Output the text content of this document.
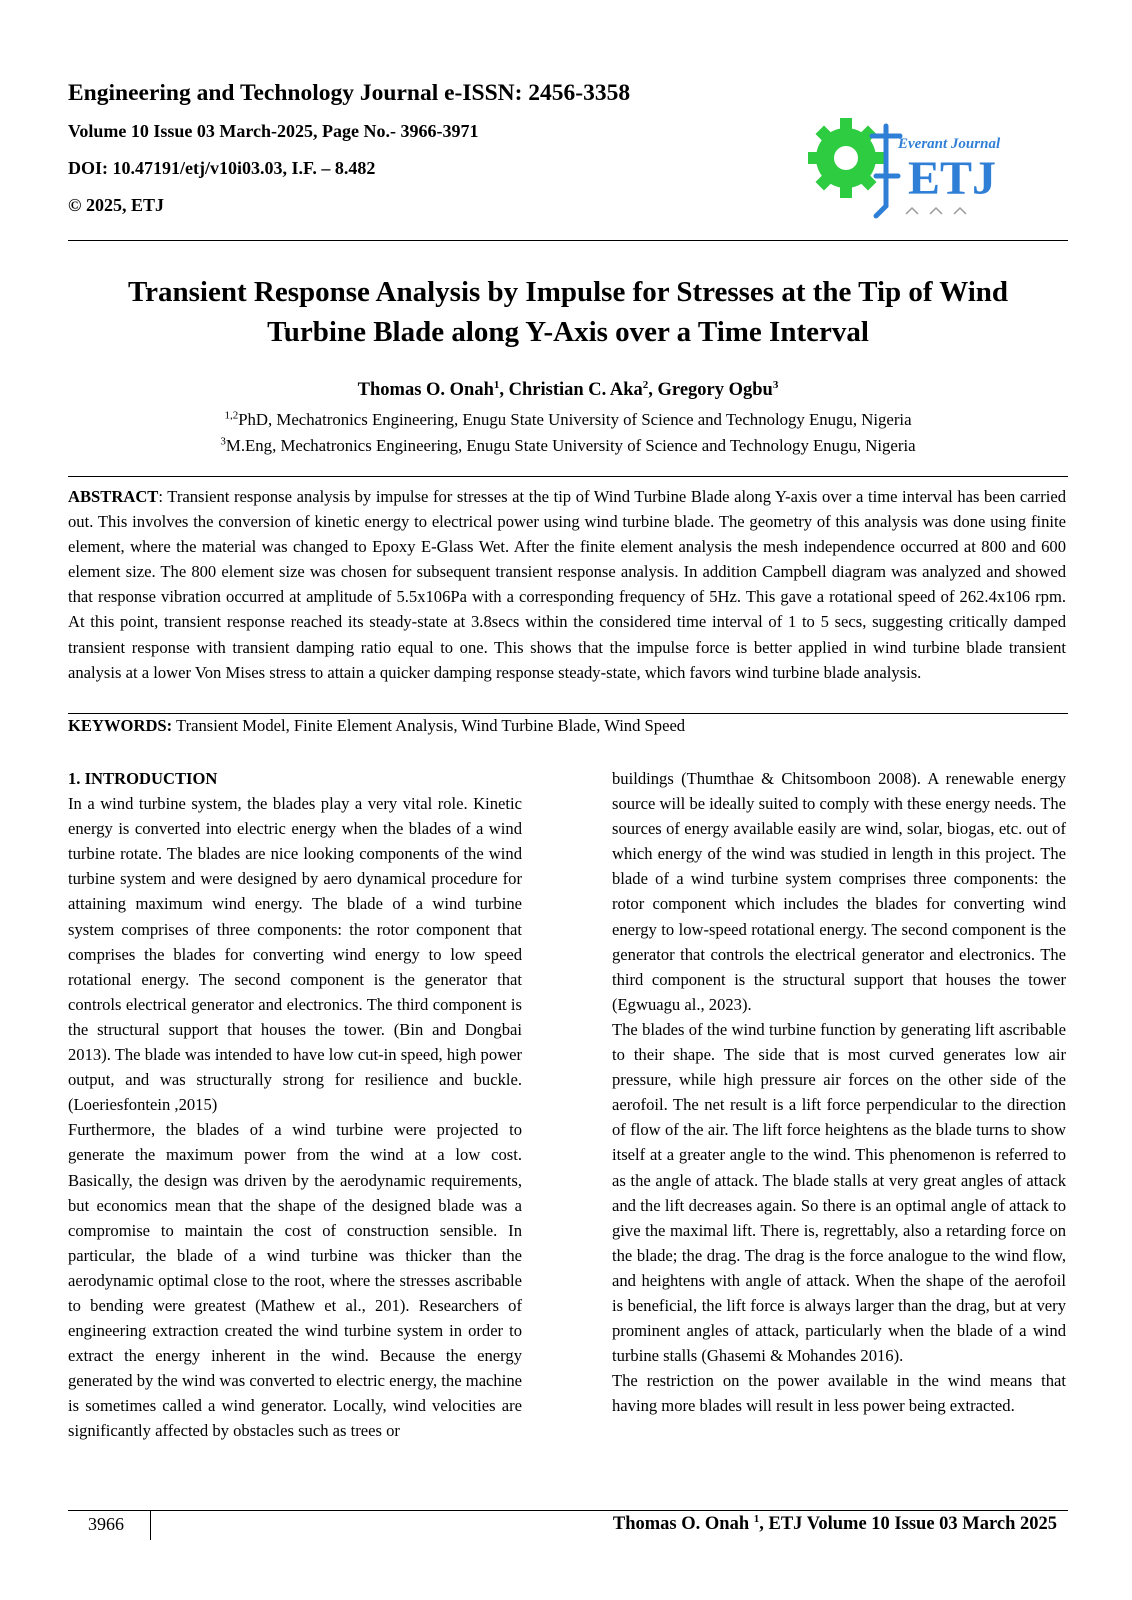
Engineering and Technology Journal e-ISSN: 2456-3358

Volume 10 Issue 03 March-2025, Page No.- 3966-3971

DOI: 10.47191/etj/v10i03.03, I.F. – 8.482

© 2025, ETJ

Everant Journal
ETJ
Transient Response Analysis by Impulse for Stresses at the Tip of Wind
Turbine Blade along Y-Axis over a Time Interval

Thomas O. Onah$^1$, Christian C. Aka$^2$, Gregory Ogbu$^3$

$^{1,2}$PhD, Mechatronics Engineering, Enugu State University of Science and Technology Enugu, Nigeria

$^3$M.Eng, Mechatronics Engineering, Enugu State University of Science and Technology Enugu, Nigeria

ABSTRACT: Transient response analysis by impulse for stresses at the tip of Wind Turbine Blade along Y-axis over a time interval has been carried out. This involves the conversion of kinetic energy to electrical power using wind turbine blade. The geometry of this analysis was done using finite element, where the material was changed to Epoxy E-Glass Wet. After the finite element analysis the mesh independence occurred at 800 and 600 element size. The 800 element size was chosen for subsequent transient response analysis. In addition Campbell diagram was analyzed and showed that response vibration occurred at amplitude of 5.5x106Pa with a corresponding frequency of 5Hz. This gave a rotational speed of 262.4x106 rpm. At this point, transient response reached its steady-state at 3.8secs within the considered time interval of 1 to 5 secs, suggesting critically damped transient response with transient damping ratio equal to one. This shows that the impulse force is better applied in wind turbine blade transient analysis at a lower Von Mises stress to attain a quicker damping response steady-state, which favors wind turbine blade analysis.

KEYWORDS: Transient Model, Finite Element Analysis, Wind Turbine Blade, Wind Speed

1. INTRODUCTION

In a wind turbine system, the blades play a very vital role. Kinetic energy is converted into electric energy when the blades of a wind turbine rotate. The blades are nice looking components of the wind turbine system and were designed by aero dynamical procedure for attaining maximum wind energy. The blade of a wind turbine system comprises of three components: the rotor component that comprises the blades for converting wind energy to low speed rotational energy. The second component is the generator that controls electrical generator and electronics. The third component is the structural support that houses the tower. (Bin and Dongbai 2013). The blade was intended to have low cut-in speed, high power output, and was structurally strong for resilience and buckle. (Loeriesfontein ,2015)

Furthermore, the blades of a wind turbine were projected to generate the maximum power from the wind at a low cost. Basically, the design was driven by the aerodynamic requirements, but economics mean that the shape of the designed blade was a compromise to maintain the cost of construction sensible. In particular, the blade of a wind turbine was thicker than the aerodynamic optimal close to the root, where the stresses ascribable to bending were greatest (Mathew et al., 201). Researchers of engineering extraction created the wind turbine system in order to extract the energy inherent in the wind. Because the energy generated by the wind was converted to electric energy, the machine is sometimes called a wind generator. Locally, wind velocities are significantly affected by obstacles such as trees or

buildings (Thumthae & Chitsomboon 2008). A renewable energy source will be ideally suited to comply with these energy needs. The sources of energy available easily are wind, solar, biogas, etc. out of which energy of the wind was studied in length in this project. The blade of a wind turbine system comprises three components: the rotor component which includes the blades for converting wind energy to low-speed rotational energy. The second component is the generator that controls the electrical generator and electronics. The third component is the structural support that houses the tower (Egwuagu al., 2023).

The blades of the wind turbine function by generating lift ascribable to their shape. The side that is most curved generates low air pressure, while high pressure air forces on the other side of the aerofoil. The net result is a lift force perpendicular to the direction of flow of the air. The lift force heightens as the blade turns to show itself at a greater angle to the wind. This phenomenon is referred to as the angle of attack. The blade stalls at very great angles of attack and the lift decreases again. So there is an optimal angle of attack to give the maximal lift. There is, regrettably, also a retarding force on the blade; the drag. The drag is the force analogue to the wind flow, and heightens with angle of attack. When the shape of the aerofoil is beneficial, the lift force is always larger than the drag, but at very prominent angles of attack, particularly when the blade of a wind turbine stalls (Ghasemi & Mohandes 2016).

The restriction on the power available in the wind means that having more blades will result in less power being extracted.

3966	Thomas O. Onah $^1$, ETJ Volume 10 Issue 03 March 2025
